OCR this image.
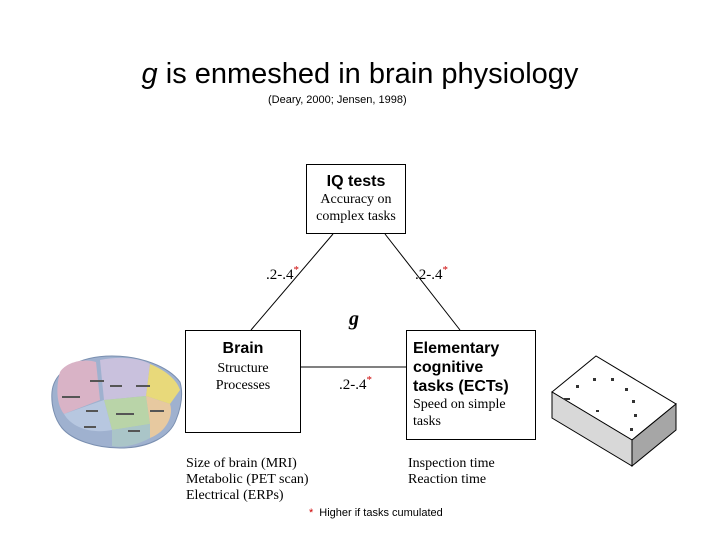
g is enmeshed in brain physiology
(Deary, 2000; Jensen, 1998)
IQ tests
Accuracy on
complex tasks
Brain
Structure
Processes
Elementary
cognitive
tasks (ECTs)
Speed on simple
tasks
g
.2-.4*	.2-.4*
.2-.4*
Size of brain (MRI)
Metabolic (PET scan)
Electrical (ERPs)
Inspection time
Reaction time
* Higher if tasks cumulated
